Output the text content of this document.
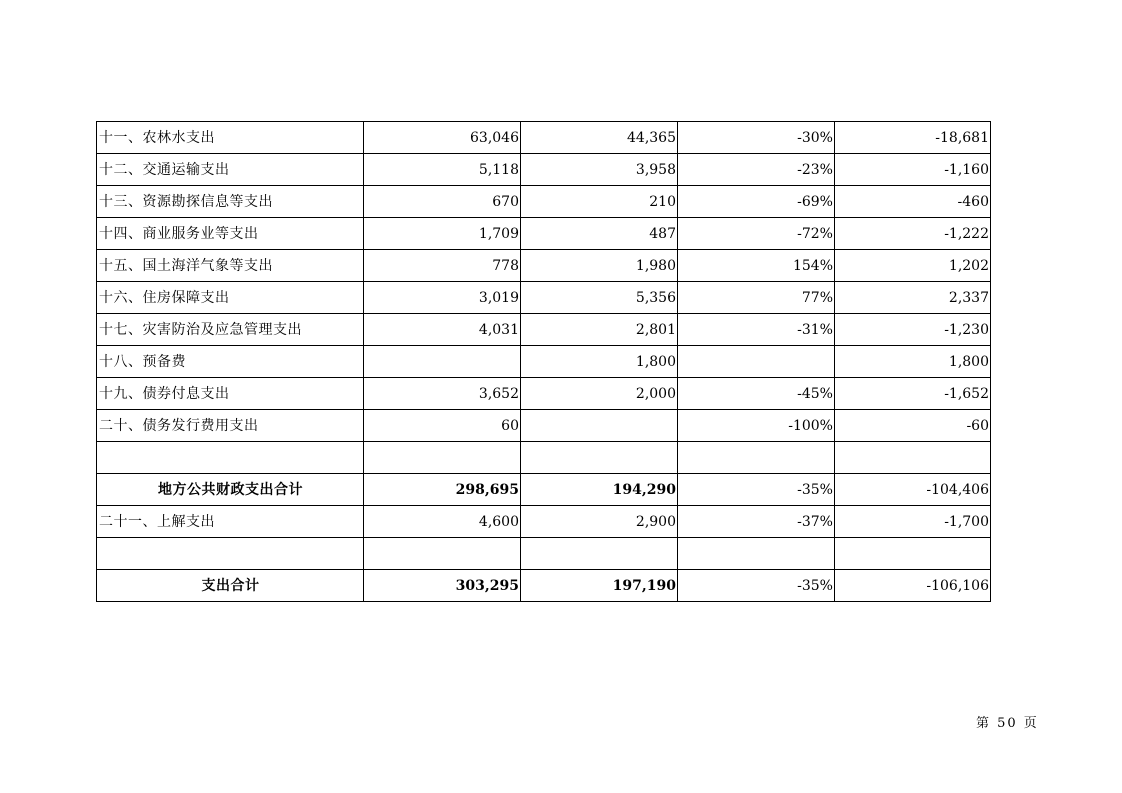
十一、农林水支出	63,046	44,365	-30%	-18,681
十二、交通运输支出	5,118	3,958	-23%	-1,160
十三、资源勘探信息等支出	670	210	-69%	-460
十四、商业服务业等支出	1,709	487	-72%	-1,222
十五、国土海洋气象等支出	778	1,980	154%	1,202
十六、住房保障支出	3,019	5,356	77%	2,337
十七、灾害防治及应急管理支出	4,031	2,801	-31%	-1,230
十八、预备费		1,800		1,800
十九、债券付息支出	3,652	2,000	-45%	-1,652
二十、债务发行费用支出	60		-100%	-60

地方公共财政支出合计	298,695	194,290	-35%	-104,406
二十一、上解支出	4,600	2,900	-37%	-1,700

支出合计	303,295	197,190	-35%	-106,106
第 50 页
